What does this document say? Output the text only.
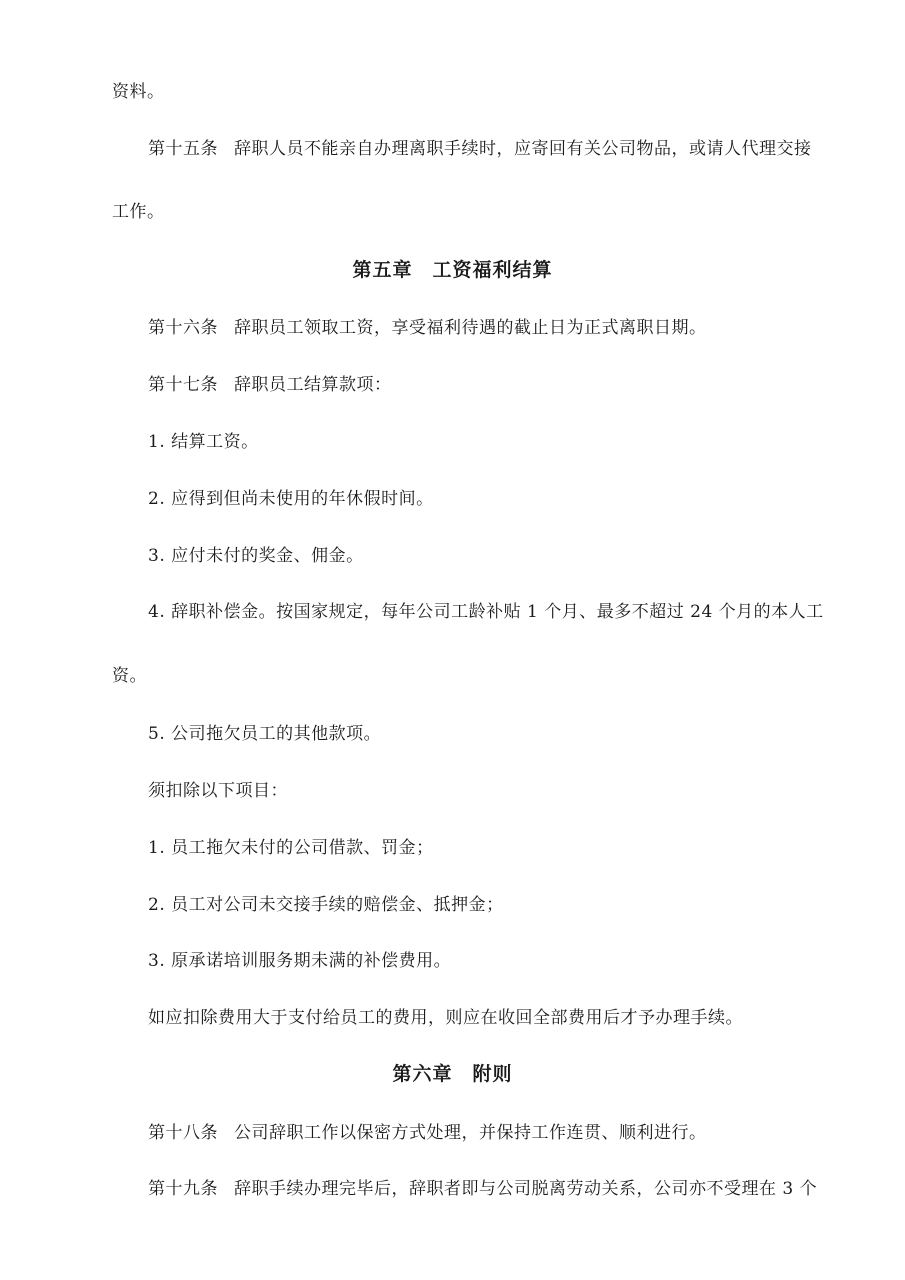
资料。
第十五条 辞职人员不能亲自办理离职手续时，应寄回有关公司物品，或请人代理交接
工作。
第五章　工资福利结算
第十六条 辞职员工领取工资，享受福利待遇的截止日为正式离职日期。
第十七条 辞职员工结算款项：
1. 结算工资。
2. 应得到但尚未使用的年休假时间。
3. 应付未付的奖金、佣金。
4. 辞职补偿金。按国家规定，每年公司工龄补贴 1 个月、最多不超过 24 个月的本人工
资。
5. 公司拖欠员工的其他款项。
须扣除以下项目：
1. 员工拖欠未付的公司借款、罚金；
2. 员工对公司未交接手续的赔偿金、抵押金；
3. 原承诺培训服务期未满的补偿费用。
如应扣除费用大于支付给员工的费用，则应在收回全部费用后才予办理手续。
第六章　附则
第十八条 公司辞职工作以保密方式处理，并保持工作连贯、顺利进行。
第十九条 辞职手续办理完毕后，辞职者即与公司脱离劳动关系，公司亦不受理在 3 个
